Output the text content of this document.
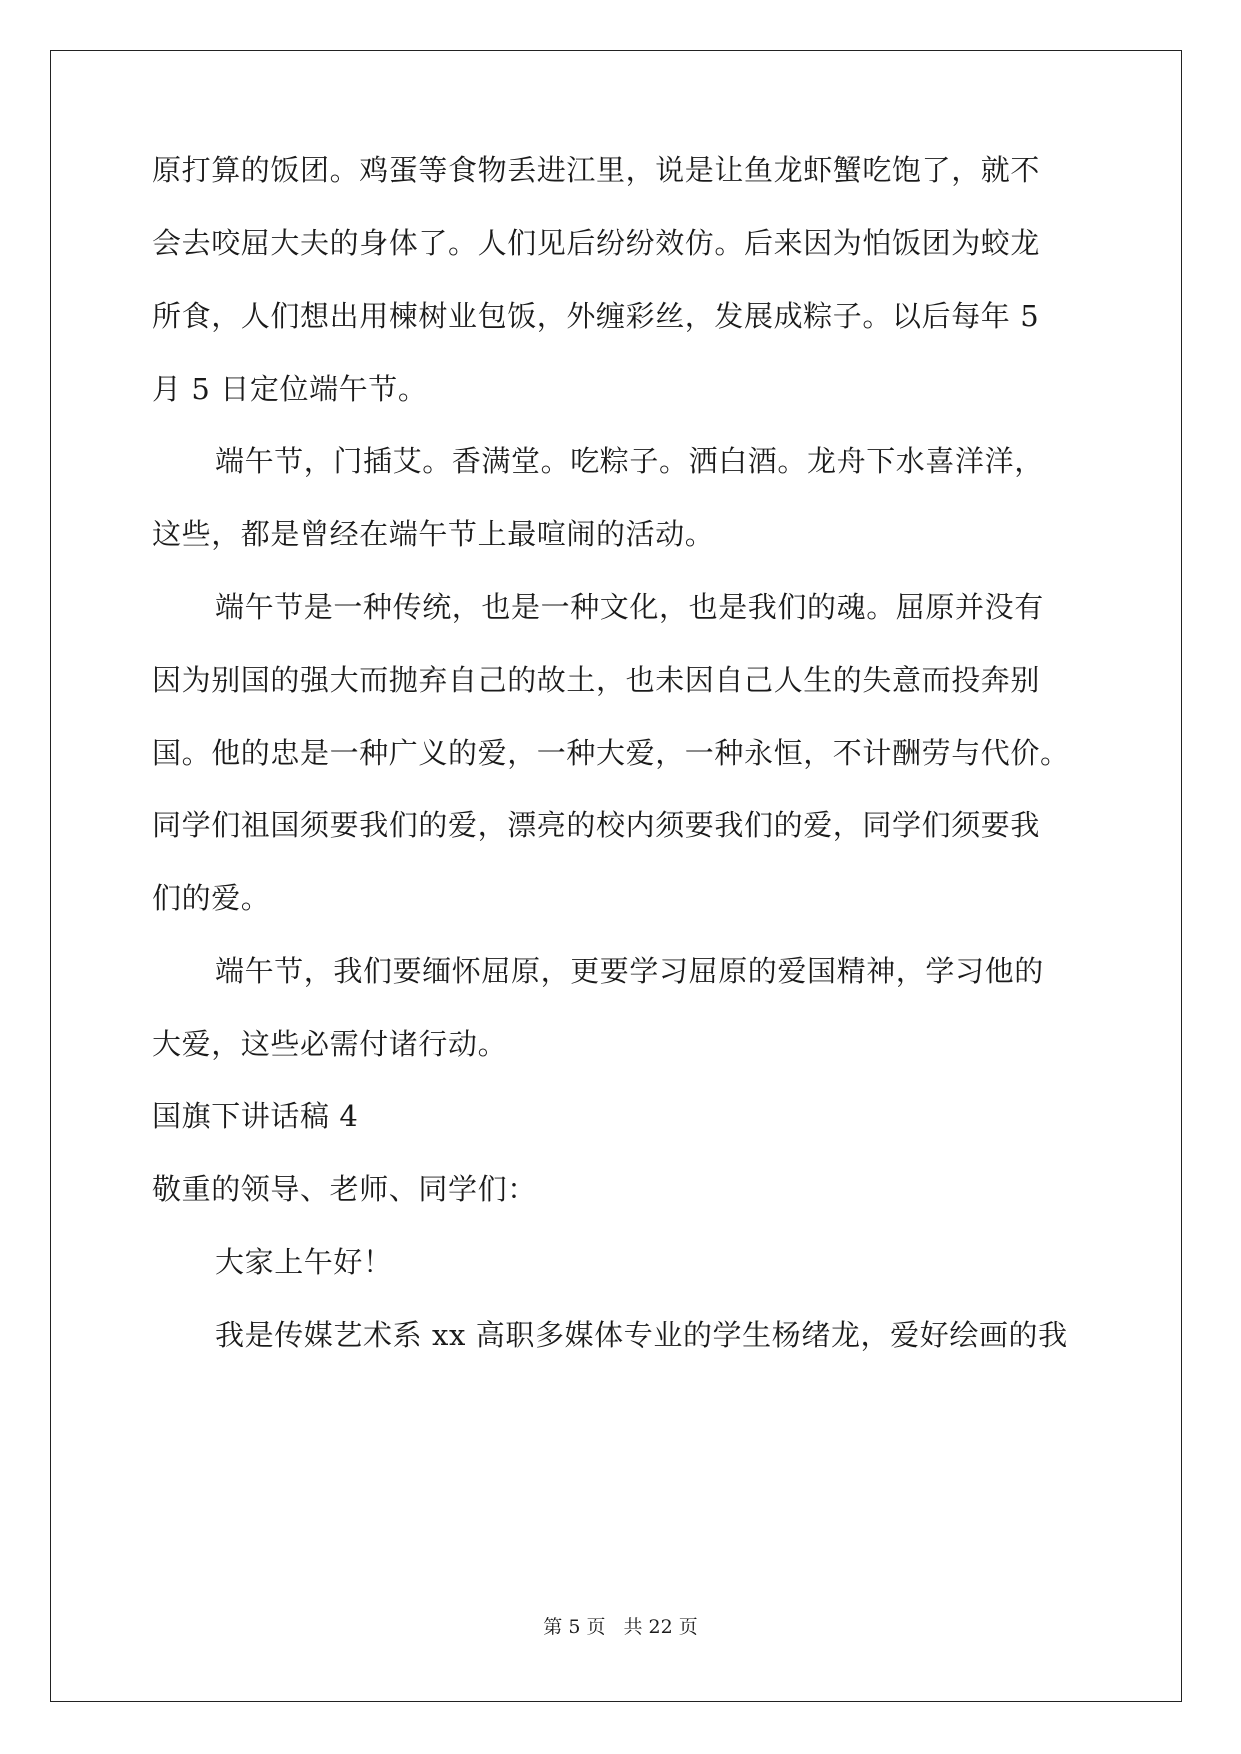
原打算的饭团。鸡蛋等食物丢进江里，说是让鱼龙虾蟹吃饱了，就不
会去咬屈大夫的身体了。人们见后纷纷效仿。后来因为怕饭团为蛟龙
所食，人们想出用楝树业包饭，外缠彩丝，发展成粽子。以后每年 5
月 5 日定位端午节。
端午节，门插艾。香满堂。吃粽子。洒白酒。龙舟下水喜洋洋，
这些，都是曾经在端午节上最喧闹的活动。
端午节是一种传统，也是一种文化，也是我们的魂。屈原并没有
因为别国的强大而抛弃自己的故土，也未因自己人生的失意而投奔别
国。他的忠是一种广义的爱，一种大爱，一种永恒，不计酬劳与代价。
同学们祖国须要我们的爱，漂亮的校内须要我们的爱，同学们须要我
们的爱。
端午节，我们要缅怀屈原，更要学习屈原的爱国精神，学习他的
大爱，这些必需付诸行动。
国旗下讲话稿 4
敬重的领导、老师、同学们：
大家上午好！
我是传媒艺术系 xx 高职多媒体专业的学生杨绪龙，爱好绘画的我
第 5 页 共 22 页
